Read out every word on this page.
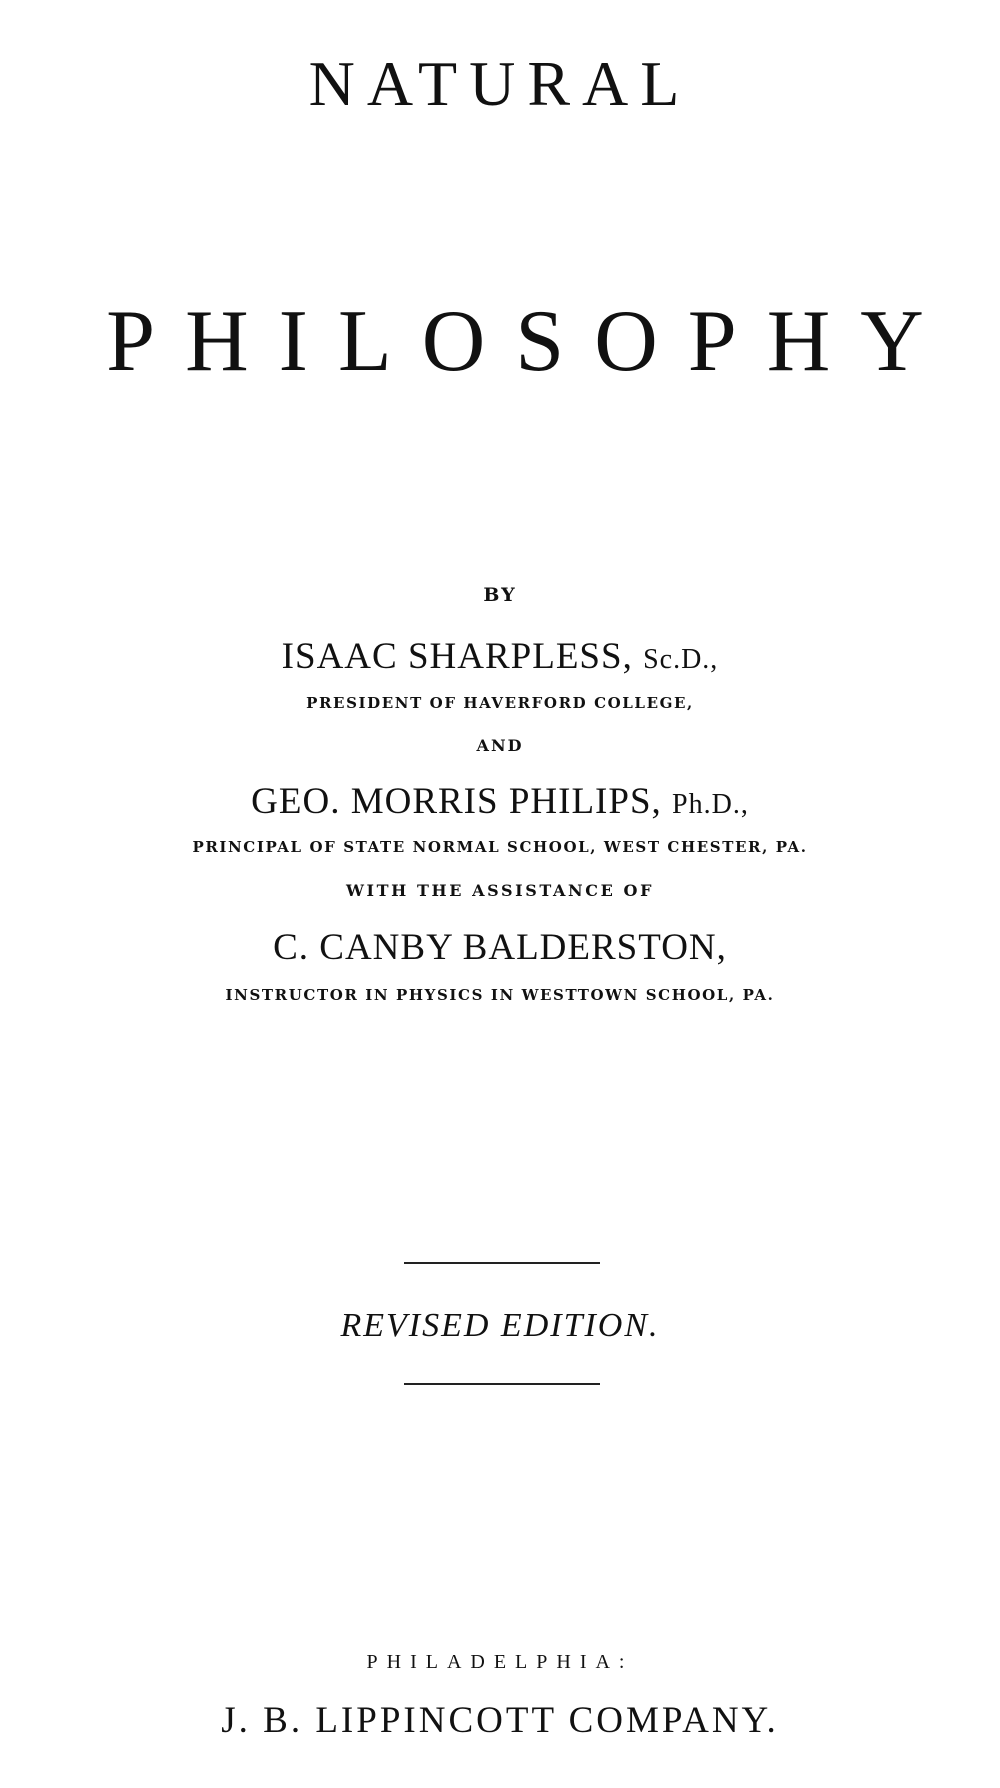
NATURAL
PHILOSOPHY
BY
ISAAC SHARPLESS, Sc.D.,
PRESIDENT OF HAVERFORD COLLEGE,
AND
GEO. MORRIS PHILIPS, Ph.D.,
PRINCIPAL OF STATE NORMAL SCHOOL, WEST CHESTER, PA.
WITH THE ASSISTANCE OF
C. CANBY BALDERSTON,
INSTRUCTOR IN PHYSICS IN WESTTOWN SCHOOL, PA.
REVISED EDITION.
PHILADELPHIA:
J. B. LIPPINCOTT COMPANY.
